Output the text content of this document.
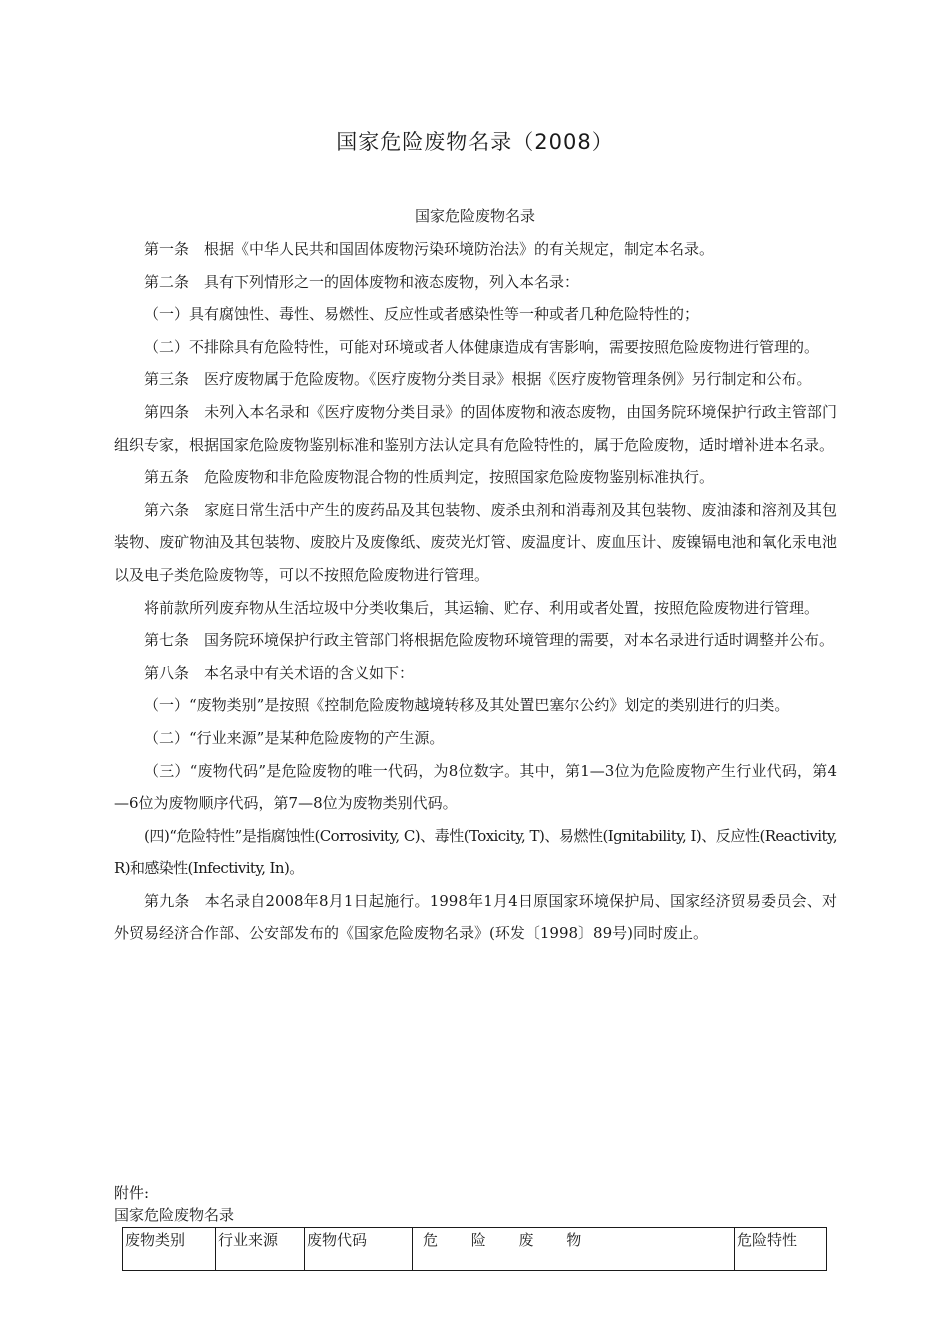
国家危险废物名录（2008）
国家危险废物名录

第一条 根据《中华人民共和国固体废物污染环境防治法》的有关规定，制定本名录。

第二条 具有下列情形之一的固体废物和液态废物，列入本名录：

（一）具有腐蚀性、毒性、易燃性、反应性或者感染性等一种或者几种危险特性的；

（二）不排除具有危险特性，可能对环境或者人体健康造成有害影响，需要按照危险废物进行管理的。

第三条 医疗废物属于危险废物。《医疗废物分类目录》根据《医疗废物管理条例》另行制定和公布。

第四条 未列入本名录和《医疗废物分类目录》的固体废物和液态废物，由国务院环境保护行政主管部门组织专家，根据国家危险废物鉴别标准和鉴别方法认定具有危险特性的，属于危险废物，适时增补进本名录。

第五条 危险废物和非危险废物混合物的性质判定，按照国家危险废物鉴别标准执行。

第六条 家庭日常生活中产生的废药品及其包装物、废杀虫剂和消毒剂及其包装物、废油漆和溶剂及其包装物、废矿物油及其包装物、废胶片及废像纸、废荧光灯管、废温度计、废血压计、废镍镉电池和氧化汞电池以及电子类危险废物等，可以不按照危险废物进行管理。

将前款所列废弃物从生活垃圾中分类收集后，其运输、贮存、利用或者处置，按照危险废物进行管理。

第七条 国务院环境保护行政主管部门将根据危险废物环境管理的需要，对本名录进行适时调整并公布。

第八条 本名录中有关术语的含义如下：

（一）“废物类别”是按照《控制危险废物越境转移及其处置巴塞尔公约》划定的类别进行的归类。

（二）“行业来源”是某种危险废物的产生源。

（三）“废物代码”是危险废物的唯一代码，为8位数字。其中，第1—3位为危险废物产生行业代码，第4—6位为废物顺序代码，第7—8位为废物类别代码。

(四)“危险特性”是指腐蚀性(Corrosivity, C)、毒性(Toxicity, T)、易燃性(Ignitability, I)、反应性(Reactivity, R)和感染性(Infectivity, In)。

第九条 本名录自2008年8月1日起施行。1998年1月4日原国家环境保护局、国家经济贸易委员会、对外贸易经济合作部、公安部发布的《国家危险废物名录》(环发〔1998〕89号)同时废止。

附件:
国家危险废物名录
废物类别	行业来源	废物代码	危 险 废 物	危险特性
